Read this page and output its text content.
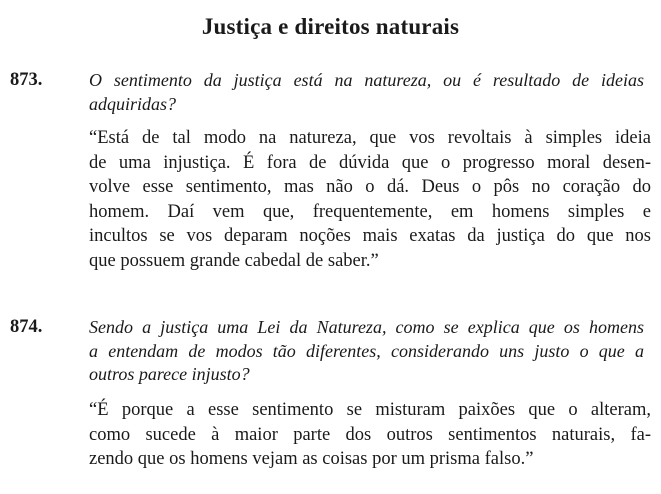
Justiça e direitos naturais
873.	O sentimento da justiça está na natureza, ou é resultado de ideias
adquiridas?
“Está de tal modo na natureza, que vos revoltais à simples ideia
de uma injustiça. É fora de dúvida que o progresso moral desen-
volve esse sentimento, mas não o dá. Deus o pôs no coração do
homem. Daí vem que, frequentemente, em homens simples e
incultos se vos deparam noções mais exatas da justiça do que nos
que possuem grande cabedal de saber.”
874.	Sendo a justiça uma Lei da Natureza, como se explica que os homens
a entendam de modos tão diferentes, considerando uns justo o que a
outros parece injusto?
“É porque a esse sentimento se misturam paixões que o alteram,
como sucede à maior parte dos outros sentimentos naturais, fa-
zendo que os homens vejam as coisas por um prisma falso.”
